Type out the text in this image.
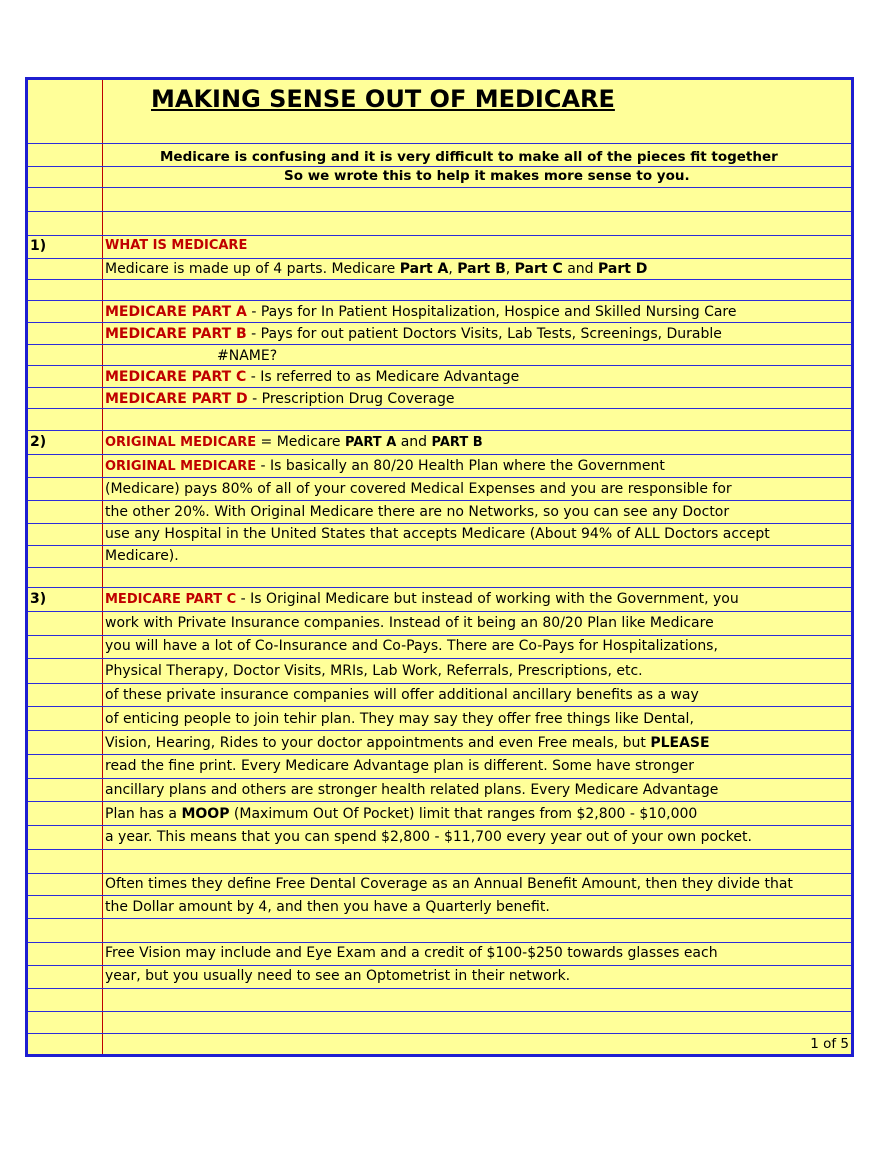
MAKING SENSE OUT OF MEDICARE
Medicare is confusing and it is very difficult to make all of the pieces fit together
So we wrote this to help it makes more sense to you.
1)	WHAT IS MEDICARE
Medicare is made up of 4 parts. Medicare Part A, Part B, Part C and Part D
MEDICARE PART A - Pays for In Patient Hospitalization, Hospice and Skilled Nursing Care
MEDICARE PART B - Pays for out patient Doctors Visits, Lab Tests, Screenings, Durable
#NAME?
MEDICARE PART C - Is referred to as Medicare Advantage
MEDICARE PART D - Prescription Drug Coverage
2)	ORIGINAL MEDICARE = Medicare PART A and PART B
ORIGINAL MEDICARE - Is basically an 80/20 Health Plan where the Government
(Medicare) pays 80% of all of your covered Medical Expenses and you are responsible for
the other 20%. With Original Medicare there are no Networks, so you can see any Doctor
use any Hospital in the United States that accepts Medicare (About 94% of ALL Doctors accept
Medicare).
3)	MEDICARE PART C - Is Original Medicare but instead of working with the Government, you
work with Private Insurance companies. Instead of it being an 80/20 Plan like Medicare
you will have a lot of Co-Insurance and Co-Pays. There are Co-Pays for Hospitalizations,
Physical Therapy, Doctor Visits, MRIs, Lab Work, Referrals, Prescriptions, etc.
of these private insurance companies will offer additional ancillary benefits as a way
of enticing people to join tehir plan. They may say they offer free things like Dental,
Vision, Hearing, Rides to your doctor appointments and even Free meals, but PLEASE
read the fine print. Every Medicare Advantage plan is different. Some have stronger
ancillary plans and others are stronger health related plans. Every Medicare Advantage
Plan has a MOOP (Maximum Out Of Pocket) limit that ranges from $2,800 - $10,000
a year. This means that you can spend $2,800 - $11,700 every year out of your own pocket.
Often times they define Free Dental Coverage as an Annual Benefit Amount, then they divide that
the Dollar amount by 4, and then you have a Quarterly benefit.
Free Vision may include and Eye Exam and a credit of $100-$250 towards glasses each
year, but you usually need to see an Optometrist in their network.
1 of 5
